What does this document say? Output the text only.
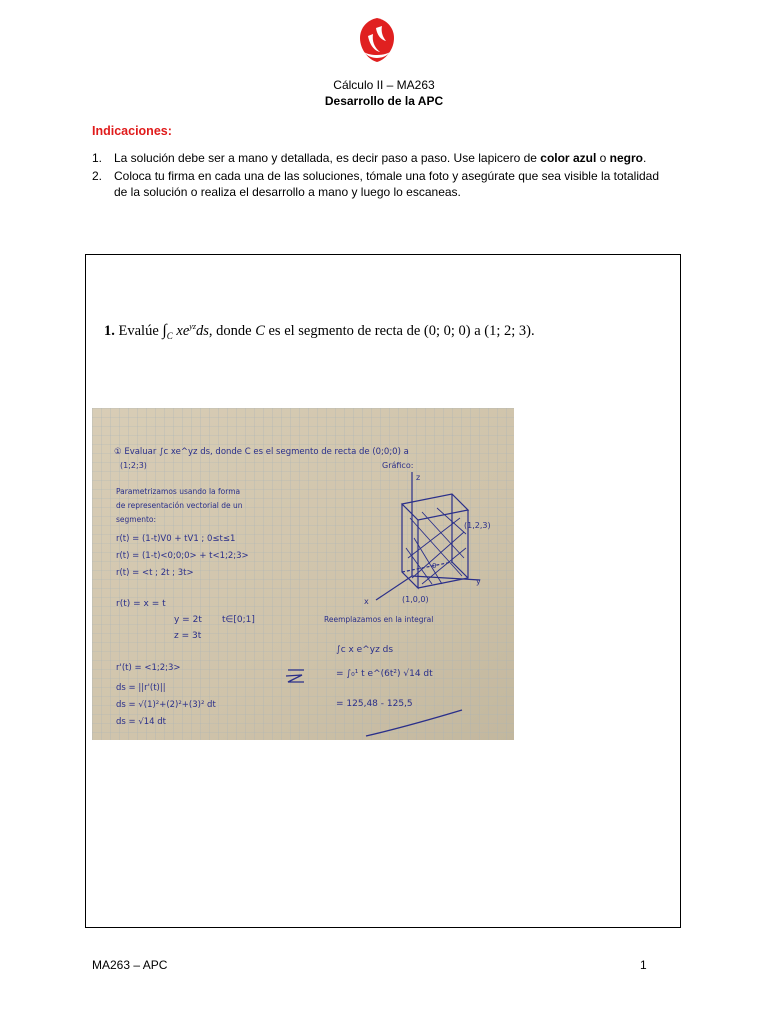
Cálculo II – MA263
Desarrollo de la APC
Indicaciones:
1. La solución debe ser a mano y detallada, es decir paso a paso. Use lapicero de color azul o negro.
2. Coloca tu firma en cada una de las soluciones, tómale una foto y asegúrate que sea visible la totalidad de la solución o realiza el desarrollo a mano y luego lo escaneas.
1. Evalúe $\int_C$ $xe^{yz}ds$, donde C es el segmento de recta de (0; 0; 0) a (1; 2; 3).
① Evaluar ∫c xe^yz ds, donde C es el segmento de recta de (0;0;0) a
(1;2;3)	Gráfico:
Parametrizamos usando la forma
de representación vectorial de un
segmento:
r(t) = (1-t)V0 + tV1 ; 0≤t≤1
r(t) = (1-t)<0;0;0> + t<1;2;3>
r(t) = <t ; 2t ; 3t>
r(t) = x = t
y = 2t t∈[0;1]
z = 3t
r'(t) = <1;2;3>
ds = ||r'(t)||
ds = √(1)²+(2)²+(3)² dt
ds = √14 dt
Reemplazamos en la integral
∫c x e^yz ds
= ∫₀¹ t e^(6t²) √14 dt
= 125,48 - 125,5
z
y
x
(1,2,3)
(1,0,0)
0
MA263 – APC	1
